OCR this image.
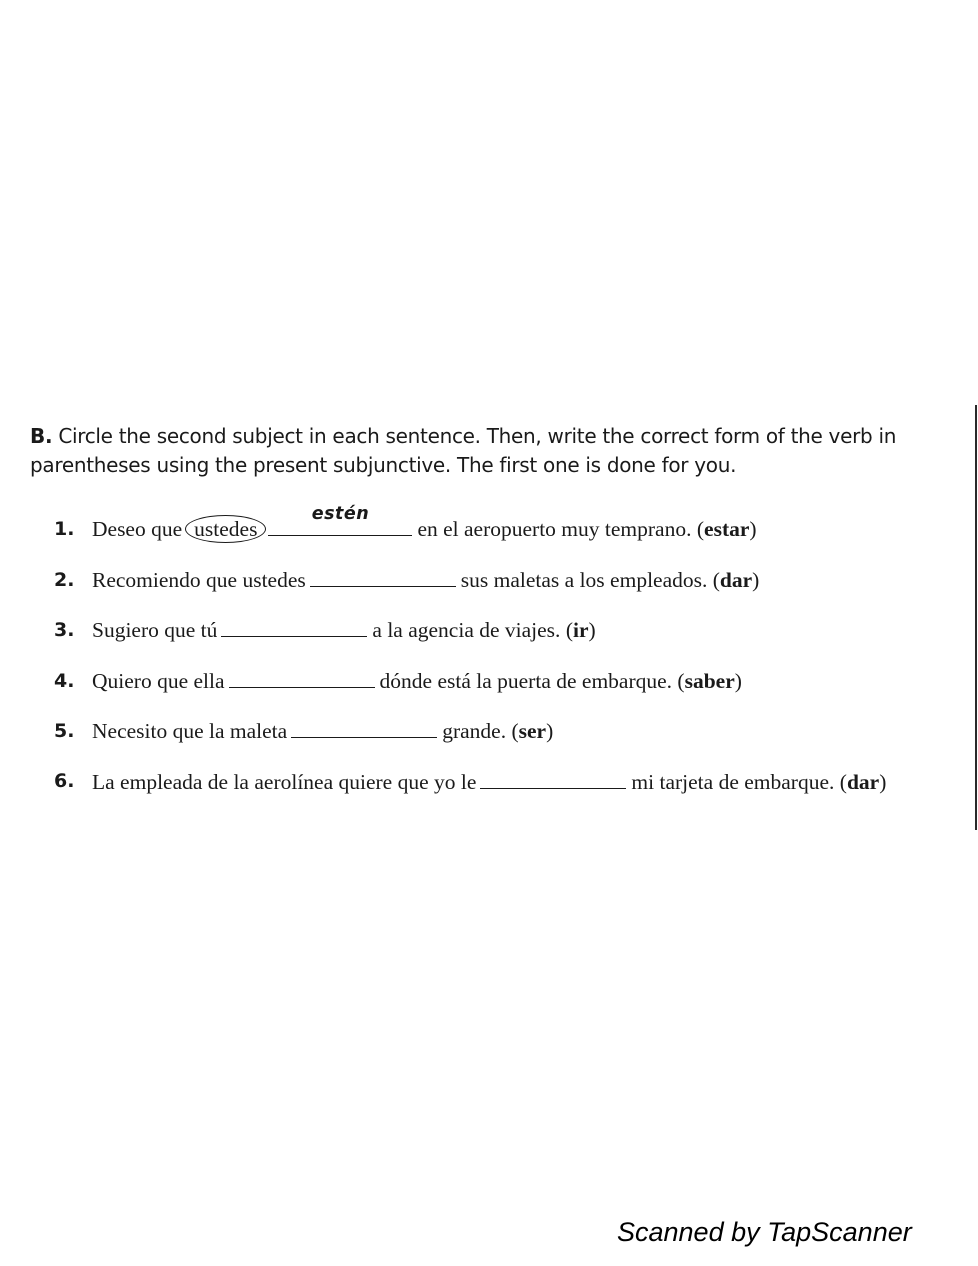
B. Circle the second subject in each sentence. Then, write the correct form of the verb in parentheses using the present subjunctive. The first one is done for you.
1. Deseo que ustedes
estén
en el aeropuerto muy temprano. (estar)
2. Recomiendo que ustedes	sus maletas a los empleados. (dar)
3. Sugiero que tú	a la agencia de viajes. (ir)
4. Quiero que ella	dónde está la puerta de embarque. (saber)
5. Necesito que la maleta	grande. (ser)
6. La empleada de la aerolínea quiere que yo le	mi tarjeta de embarque. (dar)
Scanned by TapScanner
